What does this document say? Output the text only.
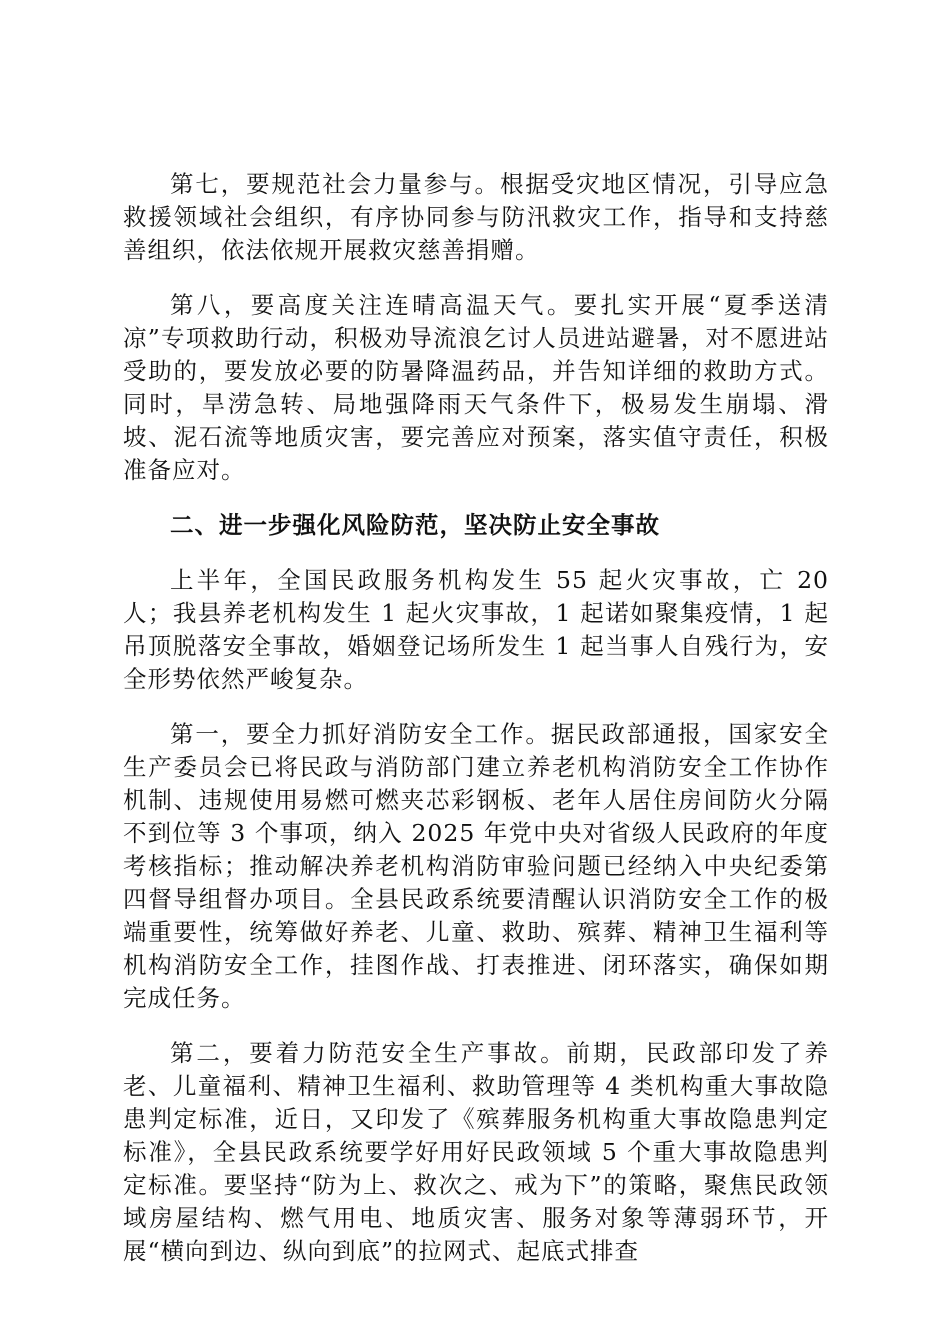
第七，要规范社会力量参与。根据受灾地区情况，引导应急救援领域社会组织，有序协同参与防汛救灾工作，指导和支持慈善组织，依法依规开展救灾慈善捐赠。

第八，要高度关注连晴高温天气。要扎实开展“夏季送清凉”专项救助行动，积极劝导流浪乞讨人员进站避暑，对不愿进站受助的，要发放必要的防暑降温药品，并告知详细的救助方式。同时，旱涝急转、局地强降雨天气条件下，极易发生崩塌、滑坡、泥石流等地质灾害，要完善应对预案，落实值守责任，积极准备应对。

二、进一步强化风险防范，坚决防止安全事故

上半年，全国民政服务机构发生 55 起火灾事故，亡 20 人；我县养老机构发生 1 起火灾事故，1 起诺如聚集疫情，1 起吊顶脱落安全事故，婚姻登记场所发生 1 起当事人自残行为，安全形势依然严峻复杂。

第一，要全力抓好消防安全工作。据民政部通报，国家安全生产委员会已将民政与消防部门建立养老机构消防安全工作协作机制、违规使用易燃可燃夹芯彩钢板、老年人居住房间防火分隔不到位等 3 个事项，纳入 2025 年党中央对省级人民政府的年度考核指标；推动解决养老机构消防审验问题已经纳入中央纪委第四督导组督办项目。全县民政系统要清醒认识消防安全工作的极端重要性，统筹做好养老、儿童、救助、殡葬、精神卫生福利等机构消防安全工作，挂图作战、打表推进、闭环落实，确保如期完成任务。

第二，要着力防范安全生产事故。前期，民政部印发了养老、儿童福利、精神卫生福利、救助管理等 4 类机构重大事故隐患判定标准，近日，又印发了《殡葬服务机构重大事故隐患判定标准》，全县民政系统要学好用好民政领域 5 个重大事故隐患判定标准。要坚持“防为上、救次之、戒为下”的策略，聚焦民政领域房屋结构、燃气用电、地质灾害、服务对象等薄弱环节，开展“横向到边、纵向到底”的拉网式、起底式排查
